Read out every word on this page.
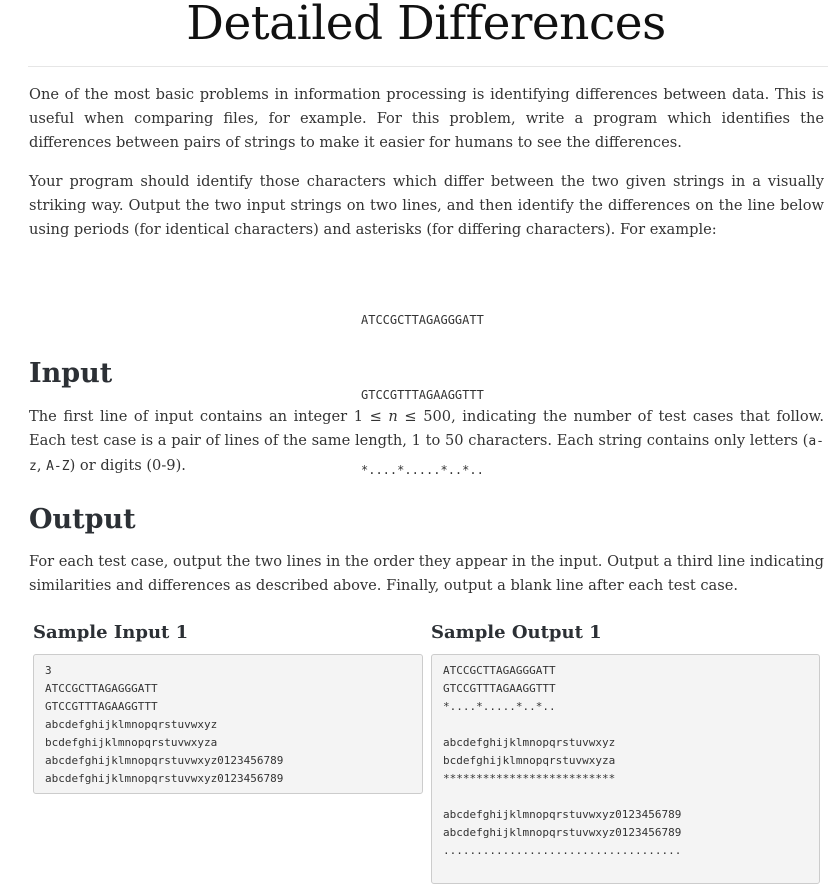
Detailed Differences

One of the most basic problems in information processing is identifying differences between data. This is useful when comparing files, for example. For this problem, write a program which identifies the differences between pairs of strings to make it easier for humans to see the differences.

Your program should identify those characters which differ between the two given strings in a visually striking way. Output the two input strings on two lines, and then identify the differences on the line below using periods (for identical characters) and asterisks (for differing characters). For example:

ATCCGCTTAGAGGGATT

GTCCGTTTAGAAGGTTT

*....*.....*..*..

Input

The first line of input contains an integer 1 ≤ n ≤ 500, indicating the number of test cases that follow. Each test case is a pair of lines of the same length, 1 to 50 characters. Each string contains only letters (a-z, A-Z) or digits (0-9).

Output

For each test case, output the two lines in the order they appear in the input. Output a third line indicating similarities and differences as described above. Finally, output a blank line after each test case.

Sample Input 1
3
ATCCGCTTAGAGGGATT
GTCCGTTTAGAAGGTTT
abcdefghijklmnopqrstuvwxyz
bcdefghijklmnopqrstuvwxyza
abcdefghijklmnopqrstuvwxyz0123456789
abcdefghijklmnopqrstuvwxyz0123456789
Sample Output 1
ATCCGCTTAGAGGGATT
GTCCGTTTAGAAGGTTT
*....*.....*..*..

abcdefghijklmnopqrstuvwxyz
bcdefghijklmnopqrstuvwxyza
**************************

abcdefghijklmnopqrstuvwxyz0123456789
abcdefghijklmnopqrstuvwxyz0123456789
....................................
